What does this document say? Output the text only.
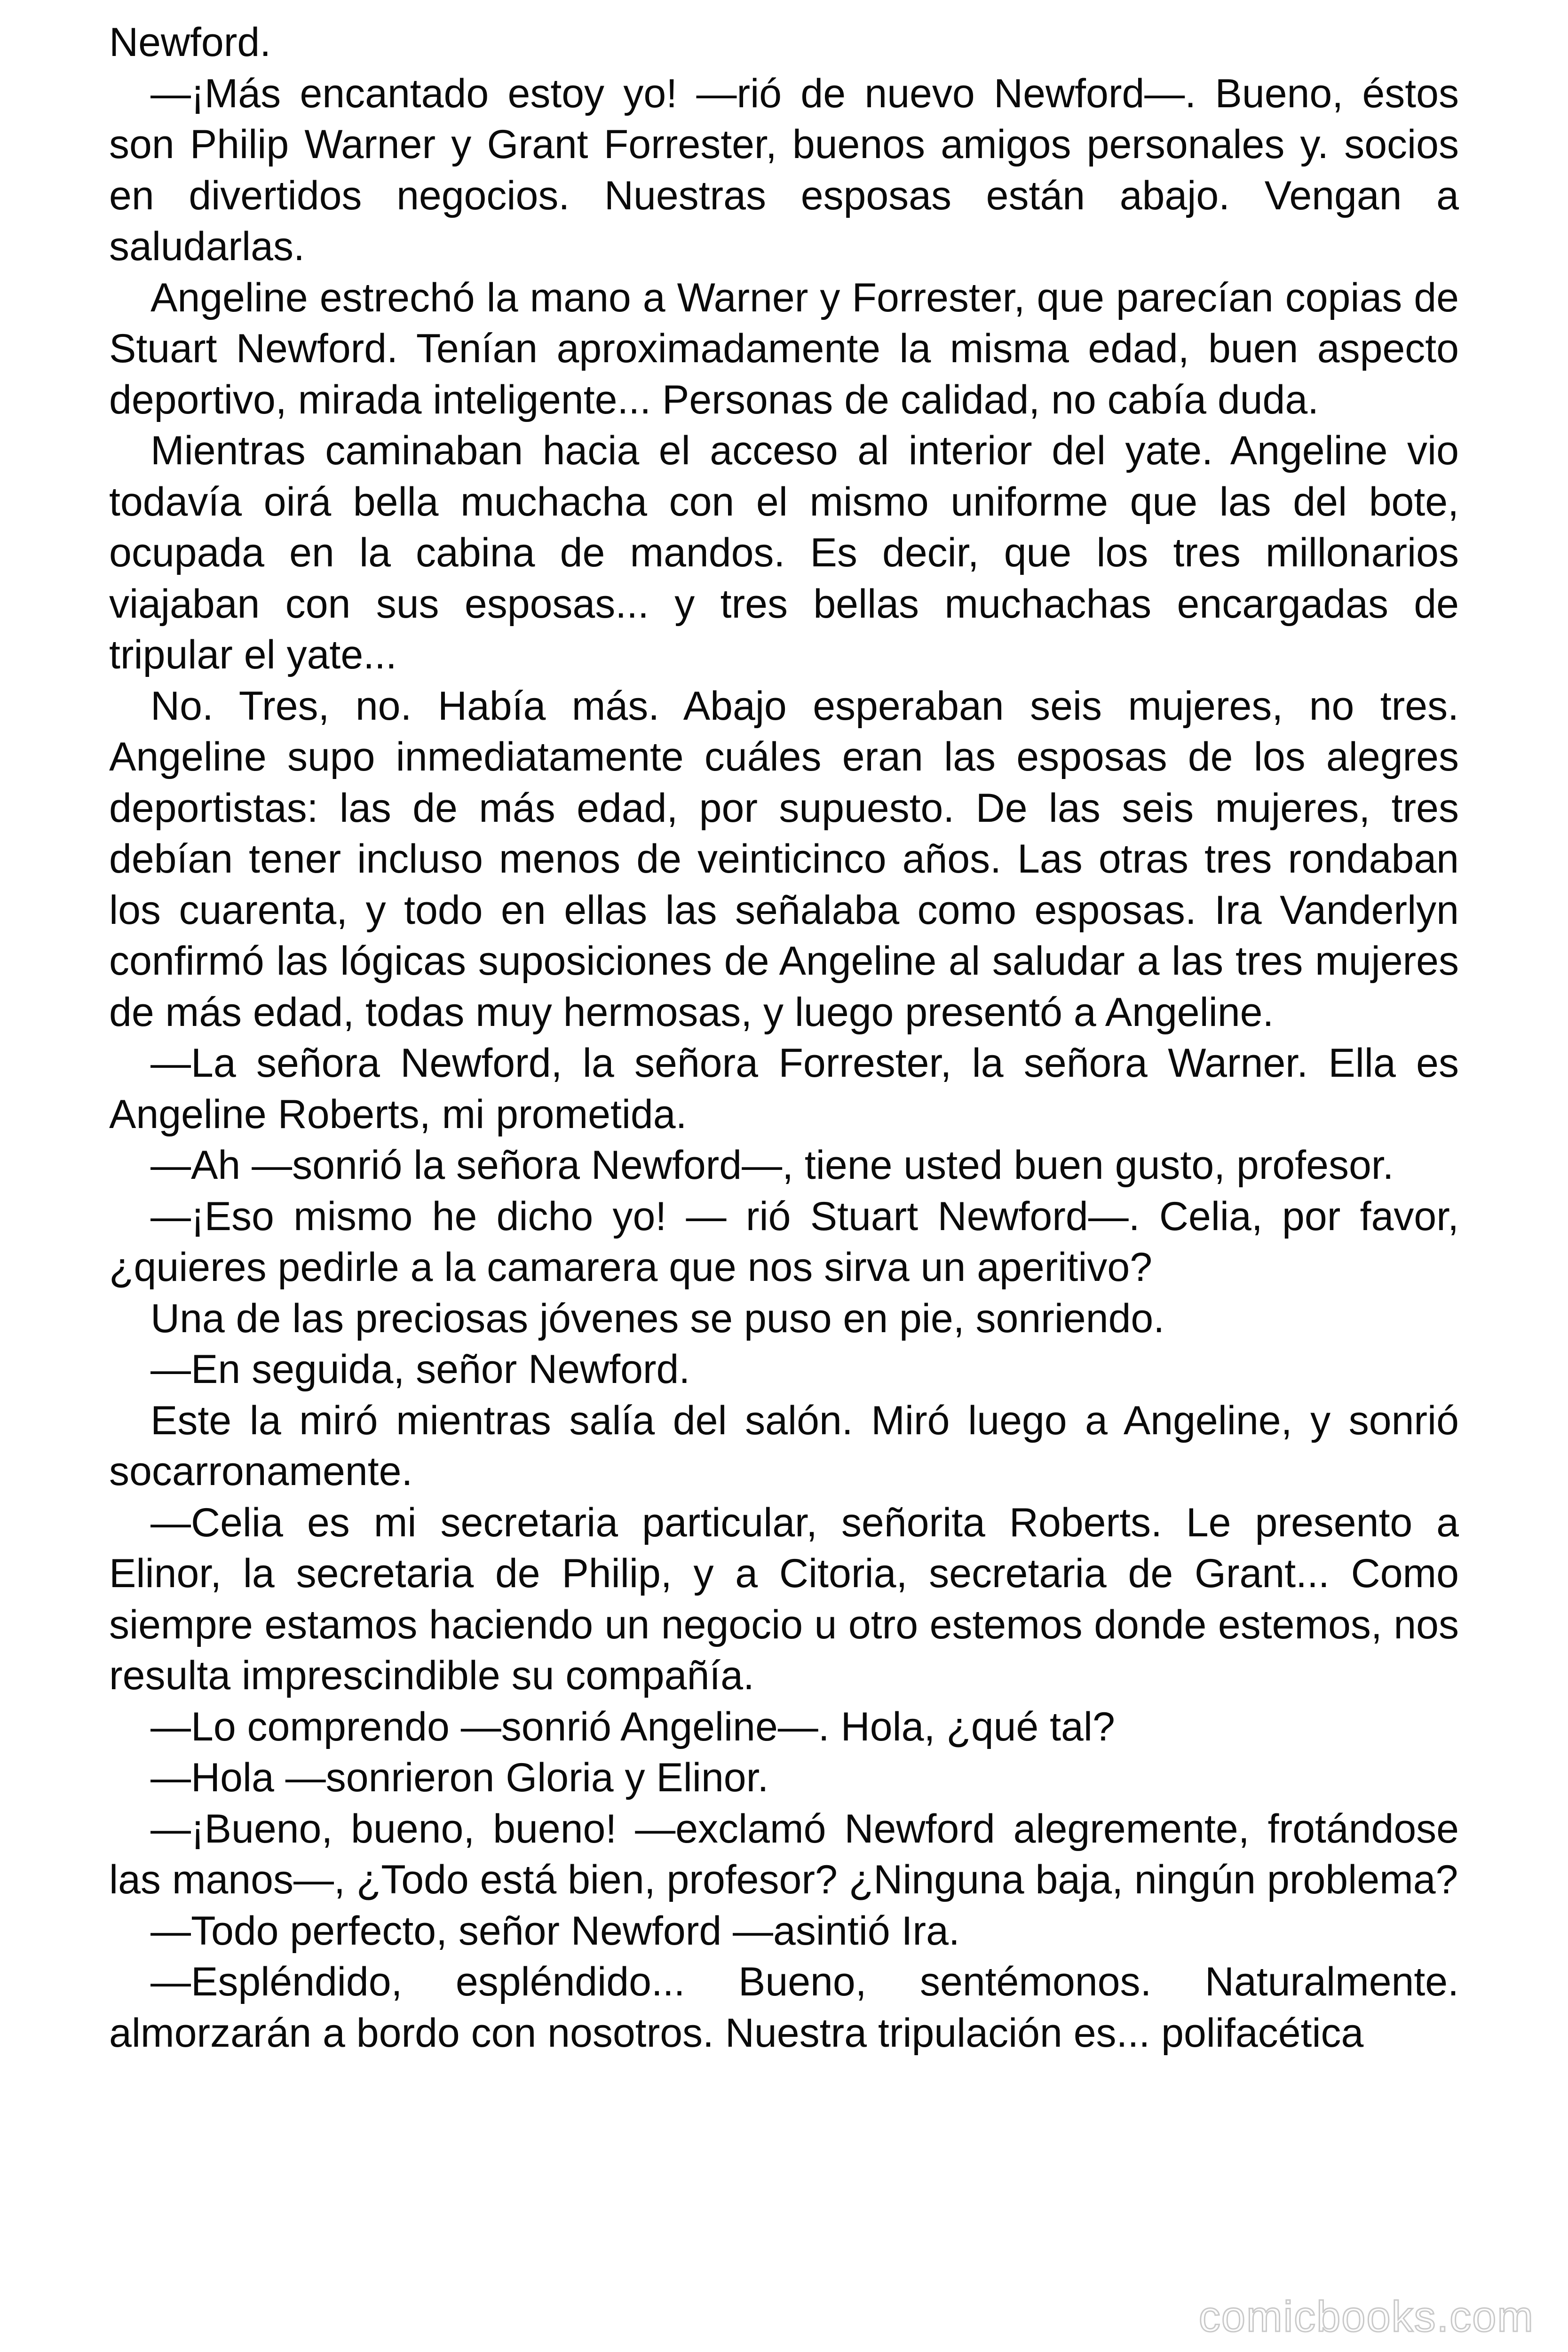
Newford.

—¡Más encantado estoy yo! —rió de nuevo Newford—. Bueno, éstos son Philip Warner y Grant Forrester, buenos amigos personales y. socios en divertidos negocios. Nuestras esposas están abajo. Vengan a saludarlas.

Angeline estrechó la mano a Warner y Forrester, que parecían copias de Stuart Newford. Tenían aproximadamente la misma edad, buen aspecto deportivo, mirada inteligente... Personas de calidad, no cabía duda.

Mientras caminaban hacia el acceso al interior del yate. Angeline vio todavía oirá bella muchacha con el mismo uniforme que las del bote, ocupada en la cabina de mandos. Es decir, que los tres millonarios viajaban con sus esposas... y tres bellas muchachas encargadas de tripular el yate...

No. Tres, no. Había más. Abajo esperaban seis mujeres, no tres. Angeline supo inmediatamente cuáles eran las esposas de los alegres deportistas: las de más edad, por supuesto. De las seis mujeres, tres debían tener incluso menos de veinticinco años. Las otras tres rondaban los cuarenta, y todo en ellas las señalaba como esposas. Ira Vanderlyn confirmó las lógicas suposiciones de Angeline al saludar a las tres mujeres de más edad, todas muy hermosas, y luego presentó a Angeline.

—La señora Newford, la señora Forrester, la señora Warner. Ella es Angeline Roberts, mi prometida.

—Ah —sonrió la señora Newford—, tiene usted buen gusto, profesor.

—¡Eso mismo he dicho yo! — rió Stuart Newford—. Celia, por favor, ¿quieres pedirle a la camarera que nos sirva un aperitivo?

Una de las preciosas jóvenes se puso en pie, sonriendo.

—En seguida, señor Newford.

Este la miró mientras salía del salón. Miró luego a Angeline, y sonrió socarronamente.

—Celia es mi secretaria particular, señorita Roberts. Le presento a Elinor, la secretaria de Philip, y a Citoria, secretaria de Grant... Como siempre estamos haciendo un negocio u otro estemos donde estemos, nos resulta imprescindible su compañía.

—Lo comprendo —sonrió Angeline—. Hola, ¿qué tal?

—Hola —sonrieron Gloria y Elinor.

—¡Bueno, bueno, bueno! —exclamó Newford alegremente, frotándose las manos—, ¿Todo está bien, profesor? ¿Ninguna baja, ningún problema?

—Todo perfecto, señor Newford —asintió Ira.

—Espléndido, espléndido... Bueno, sentémonos. Naturalmente. almorzarán a bordo con nosotros. Nuestra tripulación es... polifacética

comicbooks.com
